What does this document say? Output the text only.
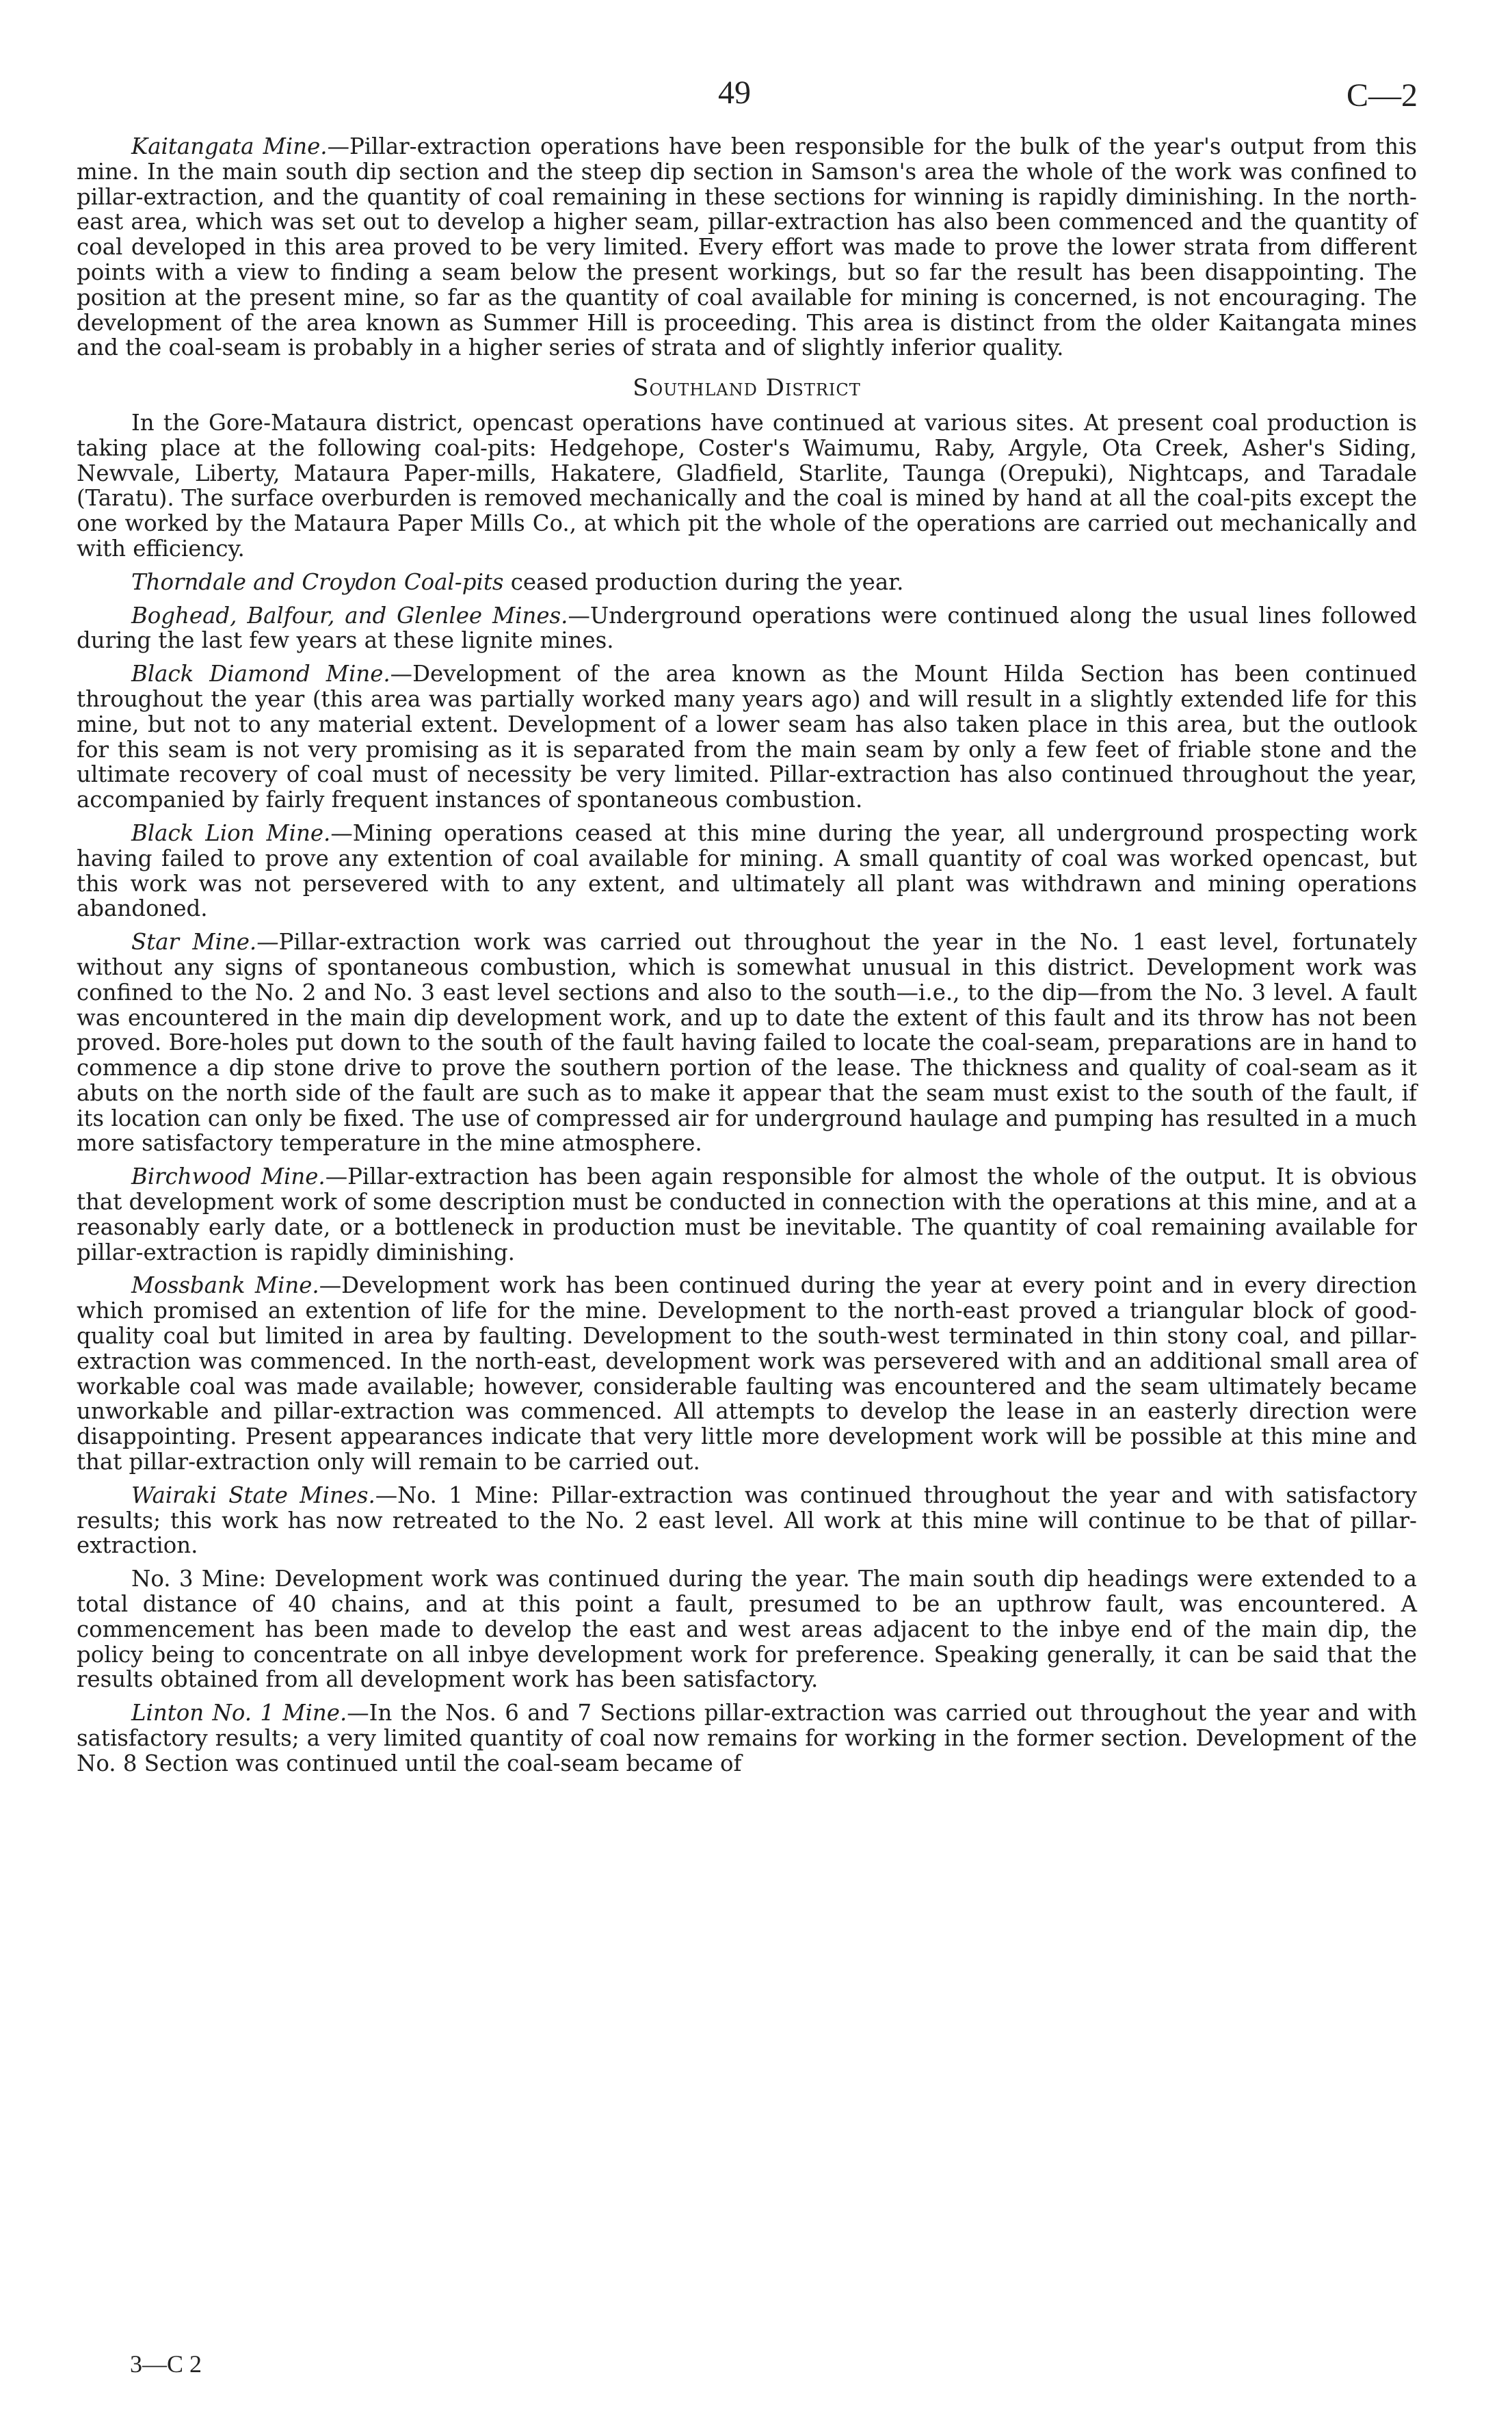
49	C—2

Kaitangata Mine.—Pillar-extraction operations have been responsible for the bulk of the year's output from this mine. In the main south dip section and the steep dip section in Samson's area the whole of the work was confined to pillar-extraction, and the quantity of coal remaining in these sections for winning is rapidly diminishing. In the north-east area, which was set out to develop a higher seam, pillar-extraction has also been commenced and the quantity of coal developed in this area proved to be very limited. Every effort was made to prove the lower strata from different points with a view to finding a seam below the present workings, but so far the result has been disappointing. The position at the present mine, so far as the quantity of coal available for mining is concerned, is not encouraging. The development of the area known as Summer Hill is proceeding. This area is distinct from the older Kaitangata mines and the coal-seam is probably in a higher series of strata and of slightly inferior quality.

Southland District

In the Gore-Mataura district, opencast operations have continued at various sites. At present coal production is taking place at the following coal-pits: Hedgehope, Coster's Waimumu, Raby, Argyle, Ota Creek, Asher's Siding, Newvale, Liberty, Mataura Paper-mills, Hakatere, Gladfield, Starlite, Taunga (Orepuki), Nightcaps, and Taradale (Taratu). The surface overburden is removed mechanically and the coal is mined by hand at all the coal-pits except the one worked by the Mataura Paper Mills Co., at which pit the whole of the operations are carried out mechanically and with efficiency.

Thorndale and Croydon Coal-pits ceased production during the year.

Boghead, Balfour, and Glenlee Mines.—Underground operations were continued along the usual lines followed during the last few years at these lignite mines.

Black Diamond Mine.—Development of the area known as the Mount Hilda Section has been continued throughout the year (this area was partially worked many years ago) and will result in a slightly extended life for this mine, but not to any material extent. Development of a lower seam has also taken place in this area, but the outlook for this seam is not very promising as it is separated from the main seam by only a few feet of friable stone and the ultimate recovery of coal must of necessity be very limited. Pillar-extraction has also continued throughout the year, accompanied by fairly frequent instances of spontaneous combustion.

Black Lion Mine.—Mining operations ceased at this mine during the year, all underground prospecting work having failed to prove any extention of coal available for mining. A small quantity of coal was worked opencast, but this work was not persevered with to any extent, and ultimately all plant was withdrawn and mining operations abandoned.

Star Mine.—Pillar-extraction work was carried out throughout the year in the No. 1 east level, fortunately without any signs of spontaneous combustion, which is somewhat unusual in this district. Development work was confined to the No. 2 and No. 3 east level sections and also to the south—i.e., to the dip—from the No. 3 level. A fault was encountered in the main dip development work, and up to date the extent of this fault and its throw has not been proved. Bore-holes put down to the south of the fault having failed to locate the coal-seam, preparations are in hand to commence a dip stone drive to prove the southern portion of the lease. The thickness and quality of coal-seam as it abuts on the north side of the fault are such as to make it appear that the seam must exist to the south of the fault, if its location can only be fixed. The use of compressed air for underground haulage and pumping has resulted in a much more satisfactory temperature in the mine atmosphere.

Birchwood Mine.—Pillar-extraction has been again responsible for almost the whole of the output. It is obvious that development work of some description must be conducted in connection with the operations at this mine, and at a reasonably early date, or a bottleneck in production must be inevitable. The quantity of coal remaining available for pillar-extraction is rapidly diminishing.

Mossbank Mine.—Development work has been continued during the year at every point and in every direction which promised an extention of life for the mine. Development to the north-east proved a triangular block of good-quality coal but limited in area by faulting. Development to the south-west terminated in thin stony coal, and pillar-extraction was commenced. In the north-east, development work was persevered with and an additional small area of workable coal was made available; however, considerable faulting was encountered and the seam ultimately became unworkable and pillar-extraction was commenced. All attempts to develop the lease in an easterly direction were disappointing. Present appearances indicate that very little more development work will be possible at this mine and that pillar-extraction only will remain to be carried out.

Wairaki State Mines.—No. 1 Mine: Pillar-extraction was continued throughout the year and with satisfactory results; this work has now retreated to the No. 2 east level. All work at this mine will continue to be that of pillar-extraction.

No. 3 Mine: Development work was continued during the year. The main south dip headings were extended to a total distance of 40 chains, and at this point a fault, presumed to be an upthrow fault, was encountered. A commencement has been made to develop the east and west areas adjacent to the inbye end of the main dip, the policy being to concentrate on all inbye development work for preference. Speaking generally, it can be said that the results obtained from all development work has been satisfactory.

Linton No. 1 Mine.—In the Nos. 6 and 7 Sections pillar-extraction was carried out throughout the year and with satisfactory results; a very limited quantity of coal now remains for working in the former section. Development of the No. 8 Section was continued until the coal-seam became of

3—C 2
